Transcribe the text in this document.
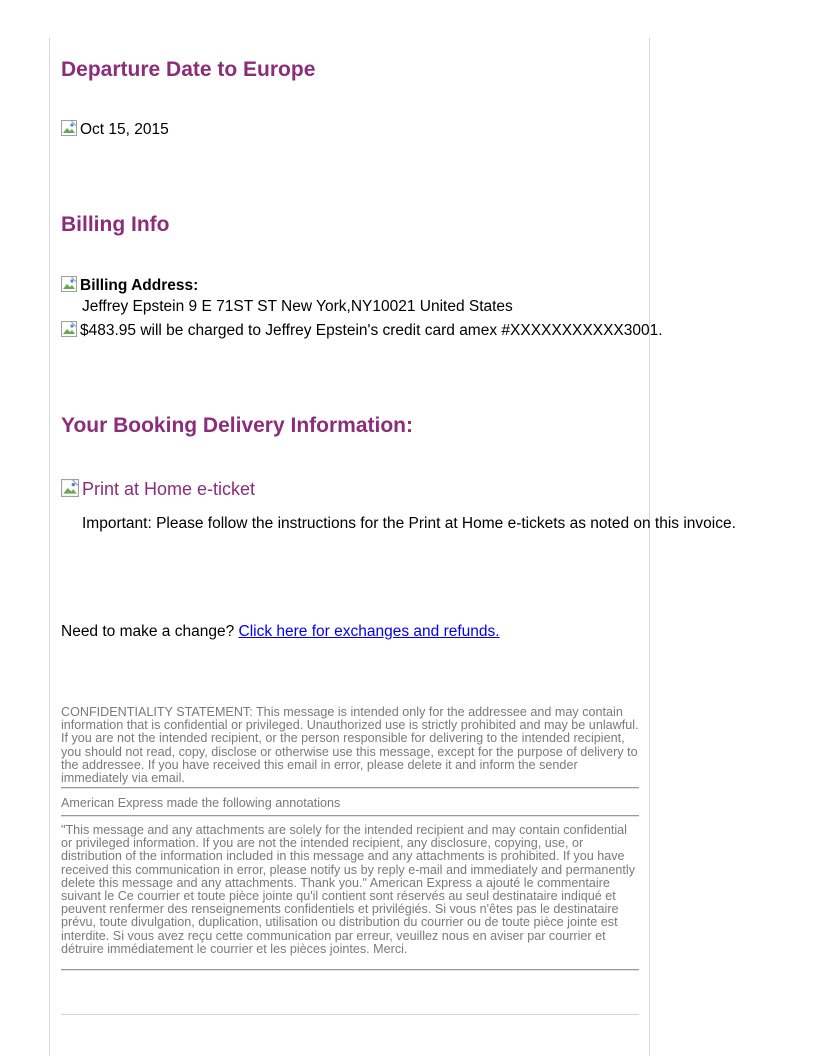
Departure Date to Europe
Oct 15, 2015
Billing Info
Billing Address:
Jeffrey Epstein 9 E 71ST ST New York,NY10021 United States
$483.95 will be charged to Jeffrey Epstein's credit card amex #XXXXXXXXXXX3001.
Your Booking Delivery Information:
Print at Home e-ticket
Important: Please follow the instructions for the Print at Home e-tickets as noted on this invoice.
Need to make a change? Click here for exchanges and refunds.
CONFIDENTIALITY STATEMENT: This message is intended only for the addressee and may contain information that is confidential or privileged. Unauthorized use is strictly prohibited and may be unlawful. If you are not the intended recipient, or the person responsible for delivering to the intended recipient, you should not read, copy, disclose or otherwise use this message, except for the purpose of delivery to the addressee. If you have received this email in error, please delete it and inform the sender immediately via email.
American Express made the following annotations
"This message and any attachments are solely for the intended recipient and may contain confidential or privileged information. If you are not the intended recipient, any disclosure, copying, use, or distribution of the information included in this message and any attachments is prohibited. If you have received this communication in error, please notify us by reply e-mail and immediately and permanently delete this message and any attachments. Thank you." American Express a ajouté le commentaire suivant le Ce courrier et toute pièce jointe qu'il contient sont réservés au seul destinataire indiqué et peuvent renfermer des renseignements confidentiels et privilégiés. Si vous n'êtes pas le destinataire prévu, toute divulgation, duplication, utilisation ou distribution du courrier ou de toute pièce jointe est interdite. Si vous avez reçu cette communication par erreur, veuillez nous en aviser par courrier et détruire immédiatement le courrier et les pièces jointes. Merci.
